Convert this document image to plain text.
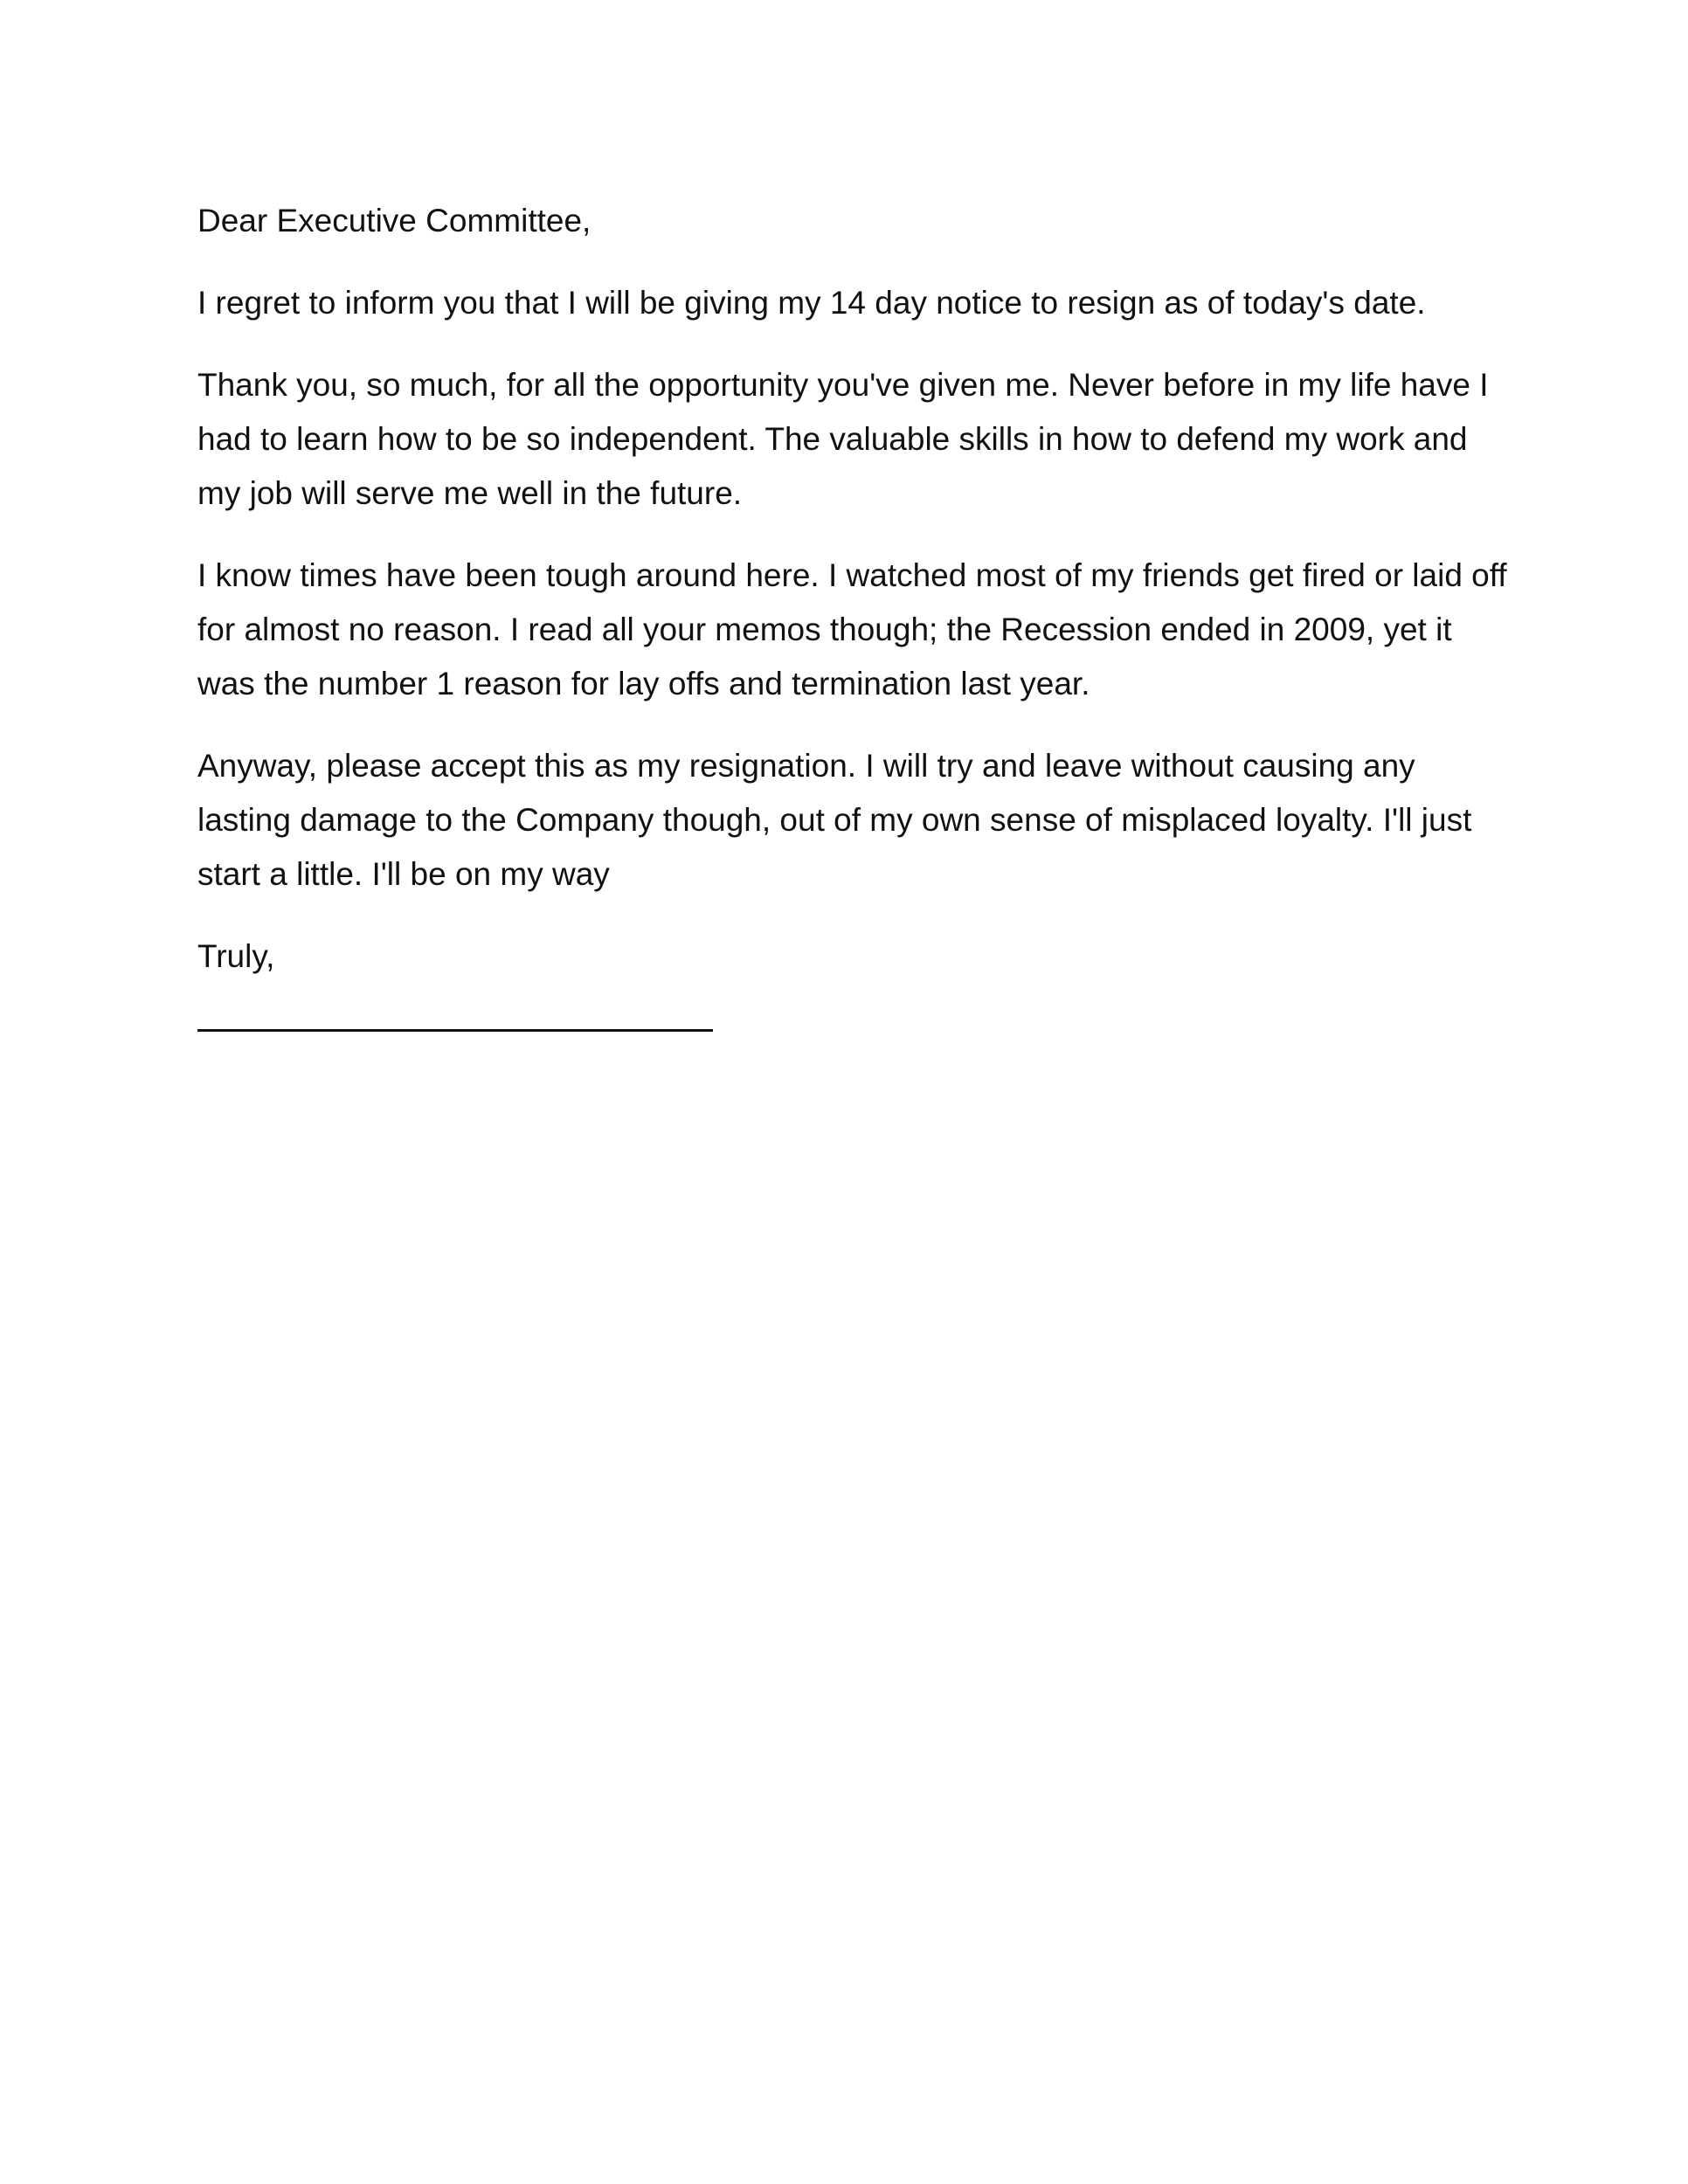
Dear Executive Committee,

I regret to inform you that I will be giving my 14 day notice to resign as of today's date.

Thank you, so much, for all the opportunity you've given me. Never before in my life have I had to learn how to be so independent. The valuable skills in how to defend my work and my job will serve me well in the future.

I know times have been tough around here. I watched most of my friends get fired or laid off for almost no reason. I read all your memos though; the Recession ended in 2009, yet it was the number 1 reason for lay offs and termination last year.

Anyway, please accept this as my resignation. I will try and leave without causing any lasting damage to the Company though, out of my own sense of misplaced loyalty. I'll just start a little. I'll be on my way

Truly,
